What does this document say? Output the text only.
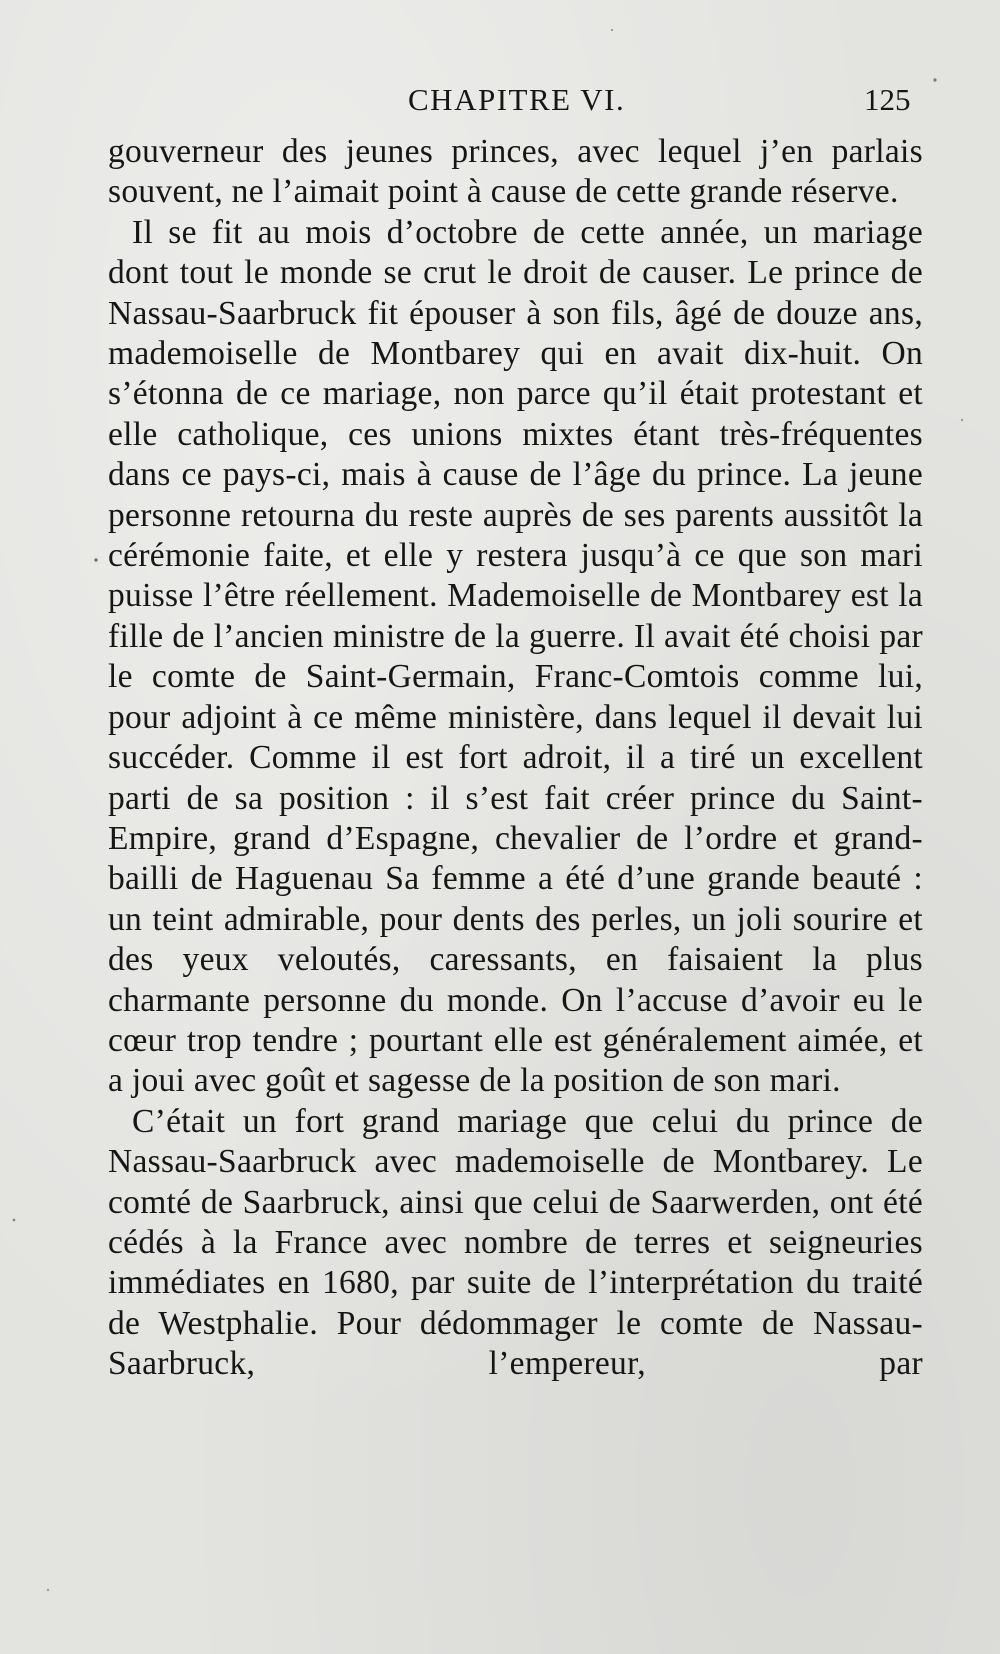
CHAPITRE VI.	125

gouverneur des jeunes princes, avec lequel j’en parlais souvent, ne l’aimait point à cause de cette grande réserve.

Il se fit au mois d’octobre de cette année, un mariage dont tout le monde se crut le droit de causer. Le prince de Nassau-Saarbruck fit épouser à son fils, âgé de douze ans, mademoiselle de Montbarey qui en avait dix-huit. On s’étonna de ce mariage, non parce qu’il était protestant et elle catholique, ces unions mixtes étant très-fréquentes dans ce pays-ci, mais à cause de l’âge du prince. La jeune personne retourna du reste auprès de ses parents aussitôt la cérémonie faite, et elle y restera jusqu’à ce que son mari puisse l’être réellement. Mademoiselle de Montbarey est la fille de l’ancien ministre de la guerre. Il avait été choisi par le comte de Saint-Germain, Franc-Comtois comme lui, pour adjoint à ce même ministère, dans lequel il devait lui succéder. Comme il est fort adroit, il a tiré un excellent parti de sa position : il s’est fait créer prince du Saint-Empire, grand d’Espagne, chevalier de l’ordre et grand-bailli de Haguenau Sa femme a été d’une grande beauté : un teint admirable, pour dents des perles, un joli sourire et des yeux veloutés, caressants, en faisaient la plus charmante personne du monde. On l’accuse d’avoir eu le cœur trop tendre ; pourtant elle est généralement aimée, et a joui avec goût et sagesse de la position de son mari.

C’était un fort grand mariage que celui du prince de Nassau-Saarbruck avec mademoiselle de Montbarey. Le comté de Saarbruck, ainsi que celui de Saarwerden, ont été cédés à la France avec nombre de terres et seigneuries immédiates en 1680, par suite de l’interprétation du traité de Westphalie. Pour dédommager le comte de Nassau-Saarbruck, l’empereur, par
